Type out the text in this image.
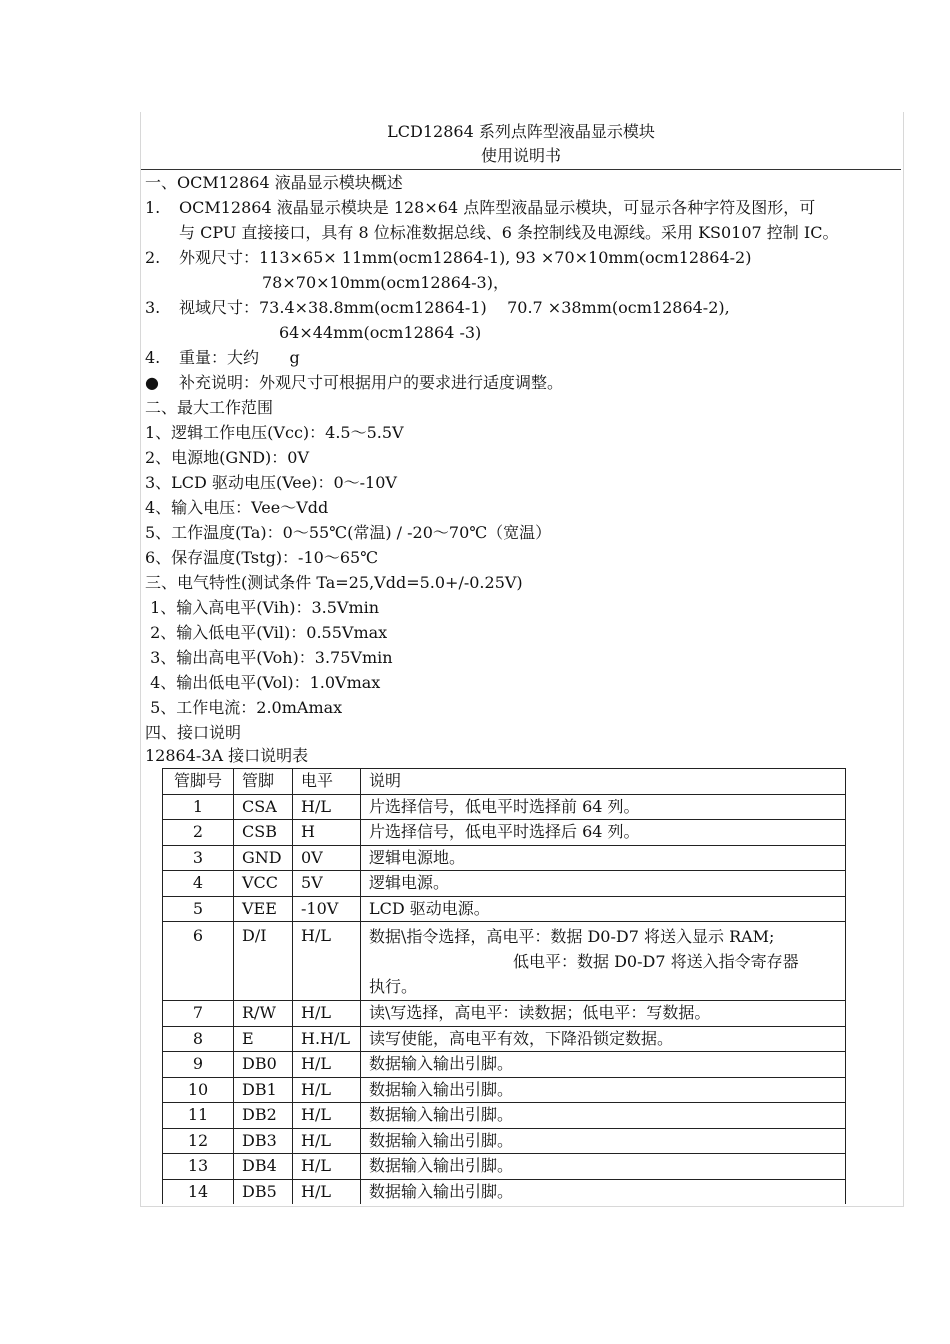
LCD12864 系列点阵型液晶显示模块
使用说明书
一、OCM12864 液晶显示模块概述
1. OCM12864 液晶显示模块是 128×64 点阵型液晶显示模块，可显示各种字符及图形，可
与 CPU 直接接口，具有 8 位标准数据总线、6 条控制线及电源线。采用 KS0107 控制 IC。
2. 外观尺寸：113×65× 11mm(ocm12864-1), 93 ×70×10mm(ocm12864-2)
78×70×10mm(ocm12864-3)，
3. 视域尺寸：73.4×38.8mm(ocm12864-1)    70.7 ×38mm(ocm12864-2),
64×44mm(ocm12864 -3)
4. 重量：大约      g
● 补充说明：外观尺寸可根据用户的要求进行适度调整。
二、最大工作范围
1、逻辑工作电压(Vcc)：4.5～5.5V
2、电源地(GND)：0V
3、LCD 驱动电压(Vee)：0～-10V
4、输入电压：Vee～Vdd
5、工作温度(Ta)：0～55℃(常温) / -20～70℃（宽温）
6、保存温度(Tstg)：-10～65℃
三、电气特性(测试条件 Ta=25,Vdd=5.0+/-0.25V)
1、输入高电平(Vih)：3.5Vmin
2、输入低电平(Vil)：0.55Vmax
3、输出高电平(Voh)：3.75Vmin
4、输出低电平(Vol)：1.0Vmax
5、工作电流：2.0mAmax
四、接口说明
12864-3A 接口说明表
管脚号	管脚	电平	说明
1	CSA	H/L	片选择信号，低电平时选择前 64 列。
2	CSB	H	片选择信号，低电平时选择后 64 列。
3	GND	0V	逻辑电源地。
4	VCC	5V	逻辑电源。
5	VEE	-10V	LCD 驱动电源。
6	D/I	H/L	数据\指令选择，高电平：数据 D0-D7 将送入显示 RAM;
低电平：数据 D0-D7 将送入指令寄存器
执行。

7	R/W	H/L	读\写选择，高电平：读数据；低电平：写数据。
8	E	H.H/L	读写使能，高电平有效，下降沿锁定数据。
9	DB0	H/L	数据输入输出引脚。
10	DB1	H/L	数据输入输出引脚。
11	DB2	H/L	数据输入输出引脚。
12	DB3	H/L	数据输入输出引脚。
13	DB4	H/L	数据输入输出引脚。
14	DB5	H/L	数据输入输出引脚。
